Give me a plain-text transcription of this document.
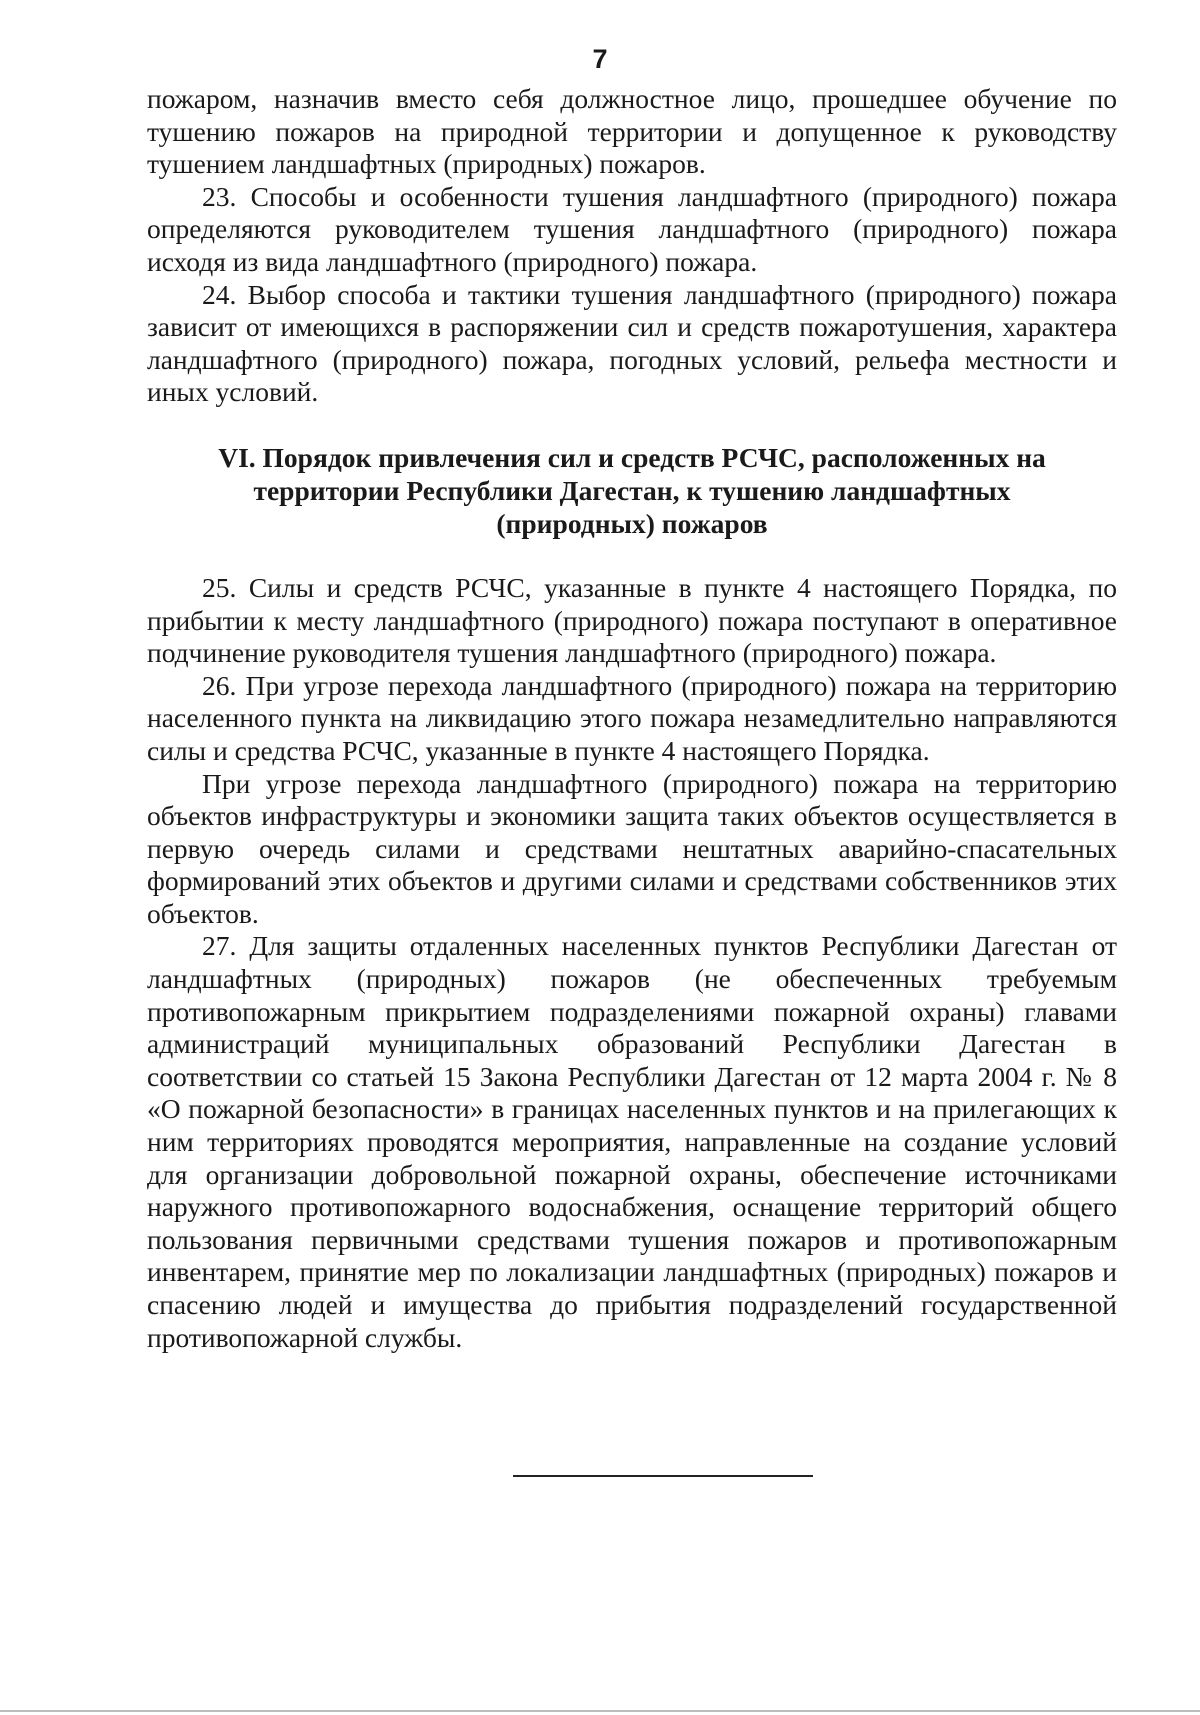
7

пожаром, назначив вместо себя должностное лицо, прошедшее обучение по тушению пожаров на природной территории и допущенное к руководству тушением ландшафтных (природных) пожаров.

23. Способы и особенности тушения ландшафтного (природного) пожара определяются руководителем тушения ландшафтного (природного) пожара исходя из вида ландшафтного (природного) пожара.

24. Выбор способа и тактики тушения ландшафтного (природного) пожара зависит от имеющихся в распоряжении сил и средств пожаротушения, характера ландшафтного (природного) пожара, погодных условий, рельефа местности и иных условий.

VI. Порядок привлечения сил и средств РСЧС, расположенных на территории Республики Дагестан, к тушению ландшафтных (природных) пожаров

25. Силы и средств РСЧС, указанные в пункте 4 настоящего Порядка, по прибытии к месту ландшафтного (природного) пожара поступают в оперативное подчинение руководителя тушения ландшафтного (природного) пожара.

26. При угрозе перехода ландшафтного (природного) пожара на территорию населенного пункта на ликвидацию этого пожара незамедлительно направляются силы и средства РСЧС, указанные в пункте 4 настоящего Порядка.

При угрозе перехода ландшафтного (природного) пожара на территорию объектов инфраструктуры и экономики защита таких объектов осуществляется в первую очередь силами и средствами нештатных аварийно-спасательных формирований этих объектов и другими силами и средствами собственников этих объектов.

27. Для защиты отдаленных населенных пунктов Республики Дагестан от ландшафтных (природных) пожаров (не обеспеченных требуемым противопожарным прикрытием подразделениями пожарной охраны) главами администраций муниципальных образований Республики Дагестан в соответствии со статьей 15 Закона Республики Дагестан от 12 марта 2004 г. № 8 «О пожарной безопасности» в границах населенных пунктов и на прилегающих к ним территориях проводятся мероприятия, направленные на создание условий для организации добровольной пожарной охраны, обеспечение источниками наружного противопожарного водоснабжения, оснащение территорий общего пользования первичными средствами тушения пожаров и противопожарным инвентарем, принятие мер по локализации ландшафтных (природных) пожаров и спасению людей и имущества до прибытия подразделений государственной противопожарной службы.
